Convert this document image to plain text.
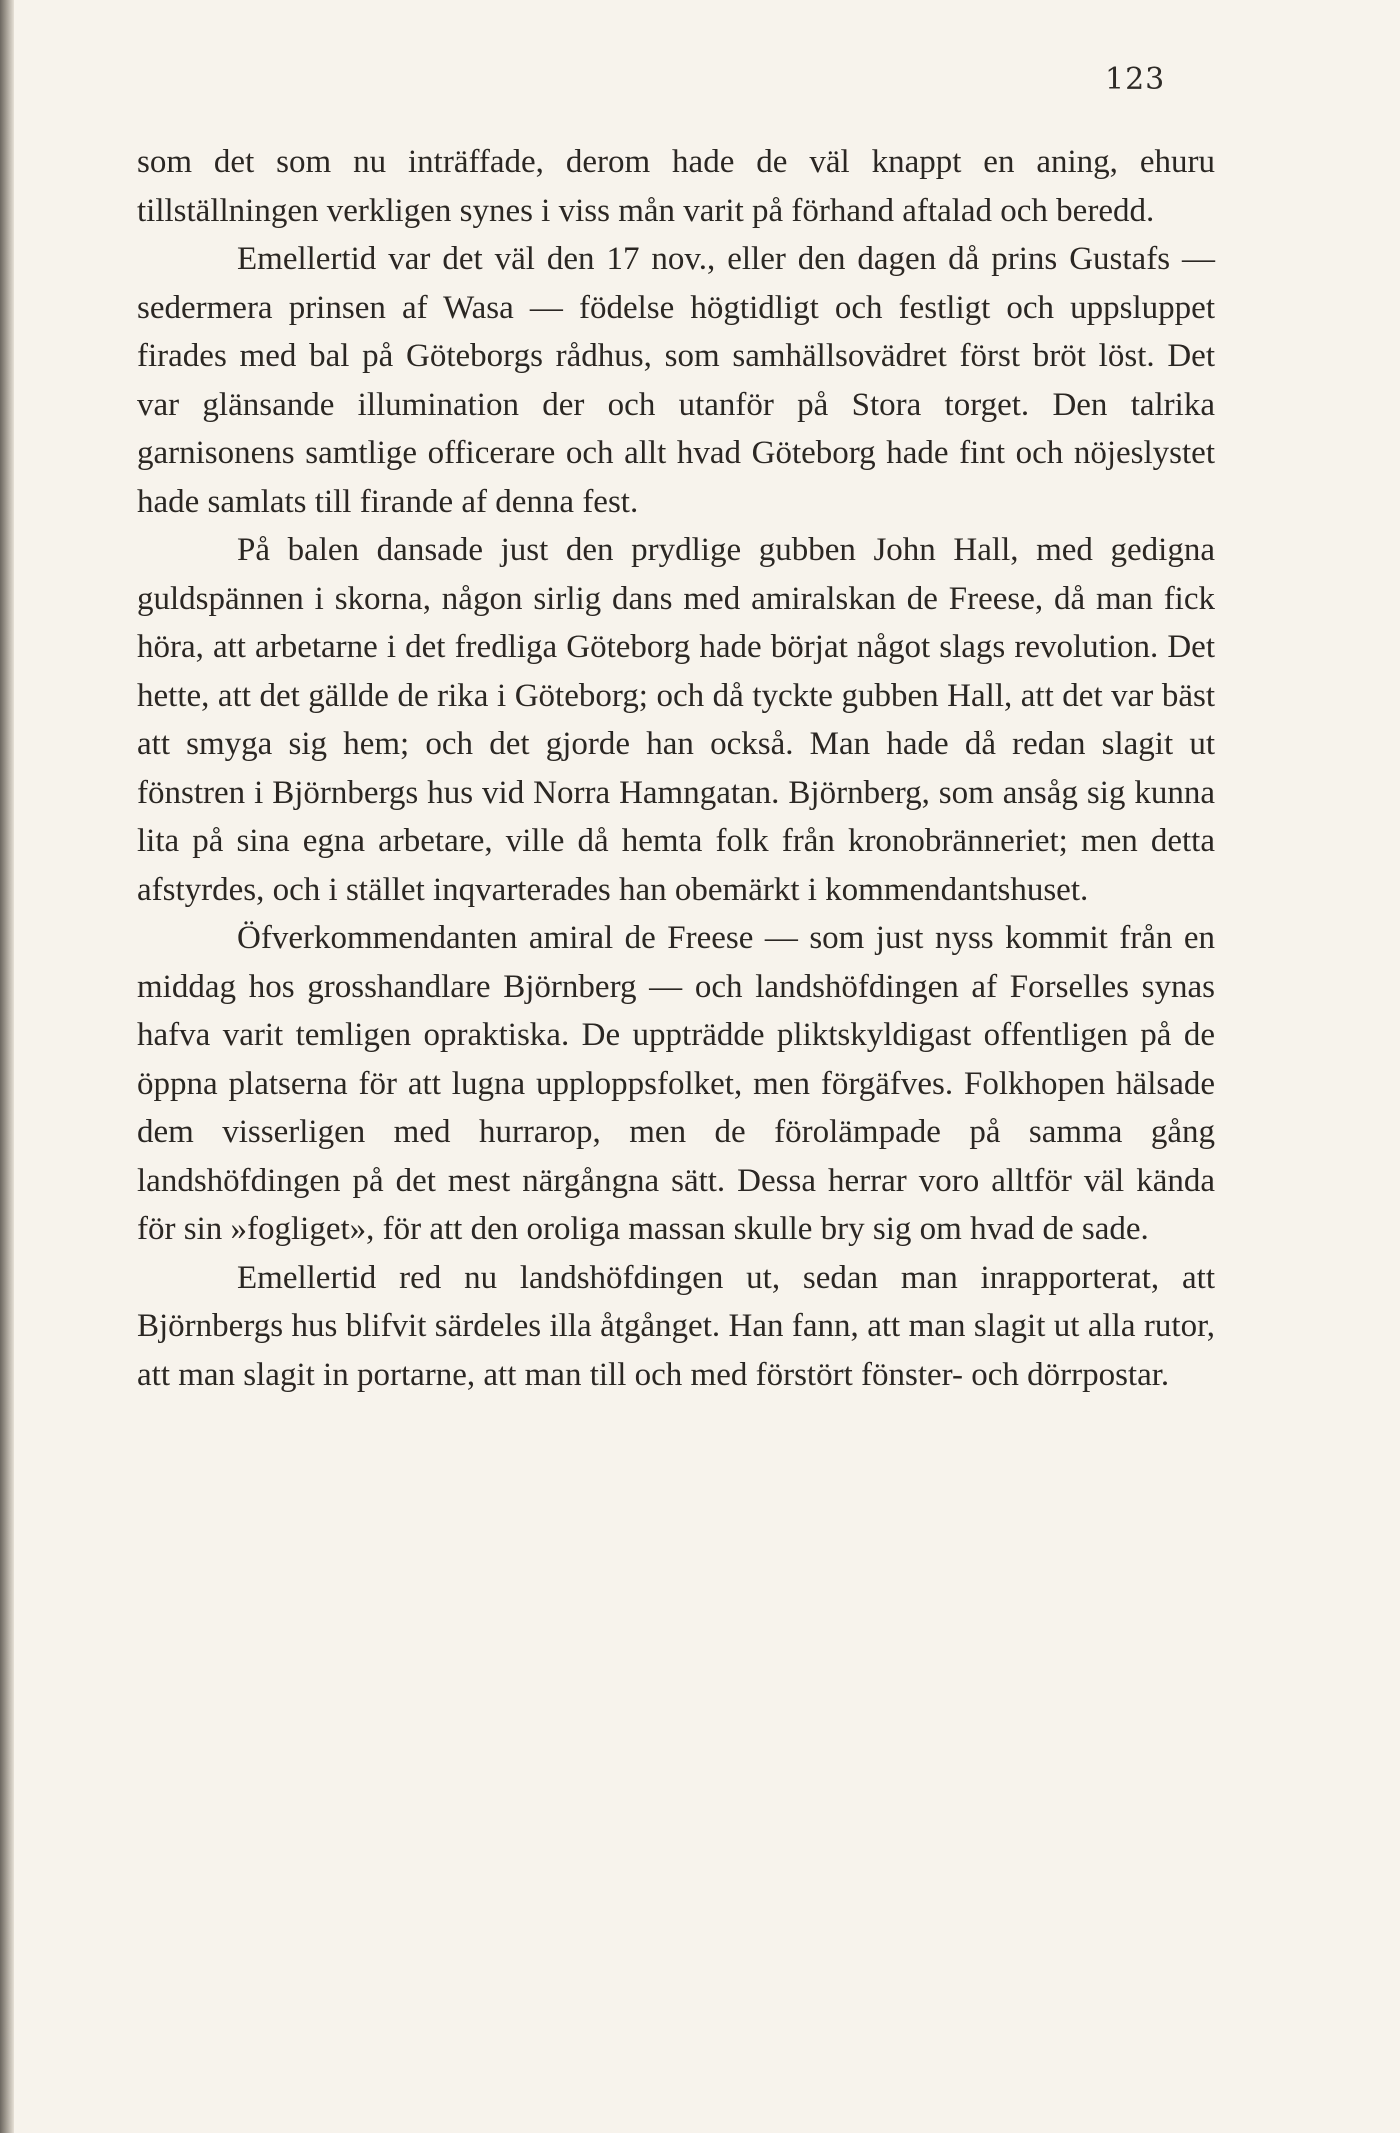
123

som det som nu inträffade, derom hade de väl knappt en aning, ehuru tillställningen verkligen synes i viss mån varit på förhand aftalad och beredd.

Emellertid var det väl den 17 nov., eller den dagen då prins Gustafs — sedermera prinsen af Wasa — födelse högtidligt och festligt och uppsluppet firades med bal på Göteborgs rådhus, som samhällsovädret först bröt löst. Det var glänsande illumination der och utanför på Stora torget. Den talrika garnisonens samtlige officerare och allt hvad Göteborg hade fint och nöjeslystet hade samlats till firande af denna fest.

På balen dansade just den prydlige gubben John Hall, med gedigna guldspännen i skorna, någon sirlig dans med amiralskan de Freese, då man fick höra, att arbetarne i det fredliga Göteborg hade börjat något slags revolution. Det hette, att det gällde de rika i Göteborg; och då tyckte gubben Hall, att det var bäst att smyga sig hem; och det gjorde han också. Man hade då redan slagit ut fönstren i Björnbergs hus vid Norra Hamngatan. Björnberg, som ansåg sig kunna lita på sina egna arbetare, ville då hemta folk från kronobränneriet; men detta afstyrdes, och i stället inqvarterades han obemärkt i kommendantshuset.

Öfverkommendanten amiral de Freese — som just nyss kommit från en middag hos grosshandlare Björnberg — och landshöfdingen af Forselles synas hafva varit temligen opraktiska. De uppträdde pliktskyldigast offentligen på de öppna platserna för att lugna upploppsfolket, men förgäfves. Folkhopen hälsade dem visserligen med hurrarop, men de förolämpade på samma gång landshöfdingen på det mest närgångna sätt. Dessa herrar voro alltför väl kända för sin »fogliget», för att den oroliga massan skulle bry sig om hvad de sade.

Emellertid red nu landshöfdingen ut, sedan man inrapporterat, att Björnbergs hus blifvit särdeles illa åtgånget. Han fann, att man slagit ut alla rutor, att man slagit in portarne, att man till och med förstört fönster- och dörrpostar.
